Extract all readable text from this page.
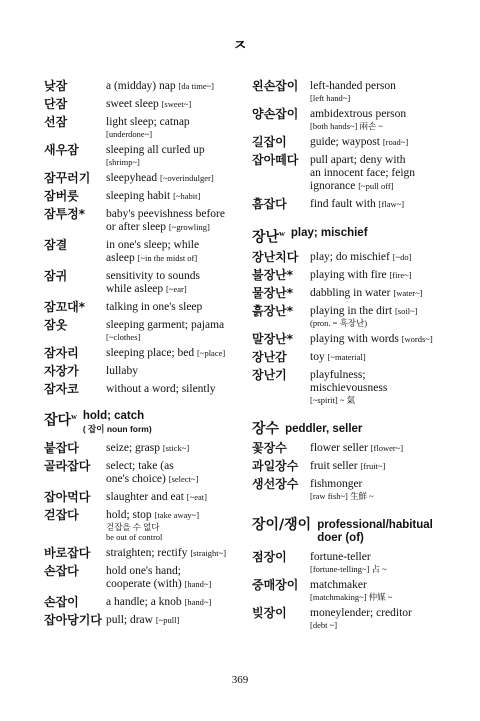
ㅈ
낮잠	a (midday) nap [da time~]
단잠	sweet sleep [sweet~]
선잠	light sleep; catnap
[underdone~]
새우잠	sleeping all curled up
[shrimp~]
잠꾸러기	sleepyhead [~overindulger]
잠버릇	sleeping habit [~habit]
잠투정*	baby's peevishness before
or after sleep [~growling]
잠결	in one's sleep; while
asleep [~in the midst of]
잠귀	sensitivity to sounds
while asleep [~ear]
잠꼬대*	talking in one's sleep
잠옷	sleeping garment; pajama
[~clothes]
잠자리	sleeping place; bed [~place]
자장가	lullaby
잠자코	without a word; silently
잡다$^w$ hold; catch
( 잡이 noun form)
붙잡다	seize; grasp [stick~]
골라잡다	select; take (as
one's choice) [select~]
잡아먹다	slaughter and eat [~eat]
걷잡다	hold; stop [take away~]
걷잡을 수 없다
be out of control
바로잡다	straighten; rectify [straight~]
손잡다	hold one's hand;
cooperate (with) [hand~]
손잡이	a handle; a knob [hand~]
잡아당기다 pull; draw [~pull]
왼손잡이	left-handed person
[left hand~]
양손잡이	ambidextrous person
[both hands~] 兩손 ~
길잡이	guide; waypost [road~]
잡아떼다	pull apart; deny with
an innocent face; feign
ignorance [~pull off]
흠잡다	find fault with [flaw~]
장난$^w$ play; mischief
장난치다	play; do mischief [~do]
불장난*	playing with fire [fire~]
물장난*	dabbling in water [water~]
흙장난*	playing in the dirt [soil~]
(pron. = 흑장난)
말장난*	playing with words [words~]
장난감	toy [~material]
장난기	playfulness;
mischievousness
[~spirit] ~ 氣
장수 peddler, seller
꽃장수	flower seller [flower~]
과일장수	fruit seller [fruit~]
생선장수	fishmonger
[raw fish~] 生鮮 ~
장이/쟁이 professional/habitual
doer (of)
점장이	fortune-teller
[fortune-telling~] 占 ~
중매장이	matchmaker
[matchmaking~] 仲媒 ~
빚장이	moneylender; creditor
[debt ~]
369
